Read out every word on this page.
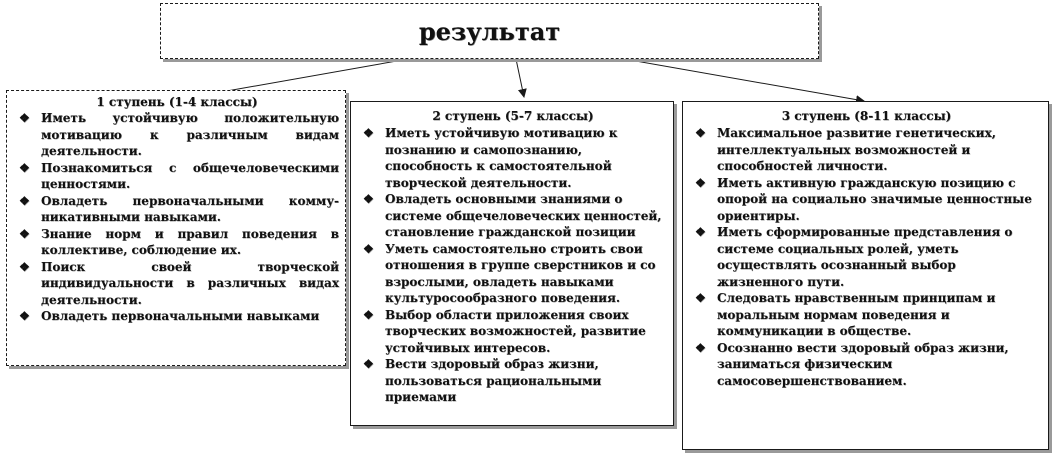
результат
1 ступень (1-4 классы)
❖ Иметь устойчивую положительную мотивацию к различным видам деятельности.
❖ Познакомиться с общечеловеческими ценностями.
❖ Овладеть первоначальными комму-никативными навыками.
❖ Знание норм и правил поведения в коллективе, соблюдение их.
❖ Поиск своей творческой индивидуальности в различных видах деятельности.
❖ Овладеть первоначальными навыками
2 ступень (5-7 классы)
❖ Иметь устойчивую мотивацию к познанию и самопознанию, способность к самостоятельной творческой деятельности.
❖ Овладеть основными знаниями о системе общечеловеческих ценностей, становление гражданской позиции
❖ Уметь самостоятельно строить свои отношения в группе сверстников и со взрослыми, овладеть навыками культуросообразного поведения.
❖ Выбор области приложения своих творческих возможностей, развитие устойчивых интересов.
❖ Вести здоровый образ жизни, пользоваться рациональными приемами
3 ступень (8-11 классы)
❖ Максимальное развитие генетических, интеллектуальных возможностей и способностей личности.
❖ Иметь активную гражданскую позицию с опорой на социально значимые ценностные ориентиры.
❖ Иметь сформированные представления о системе социальных ролей, уметь осуществлять осознанный выбор жизненного пути.
❖ Следовать нравственным принципам и моральным нормам поведения и коммуникации в обществе.
❖ Осознанно вести здоровый образ жизни, заниматься физическим самосовершенствованием.
